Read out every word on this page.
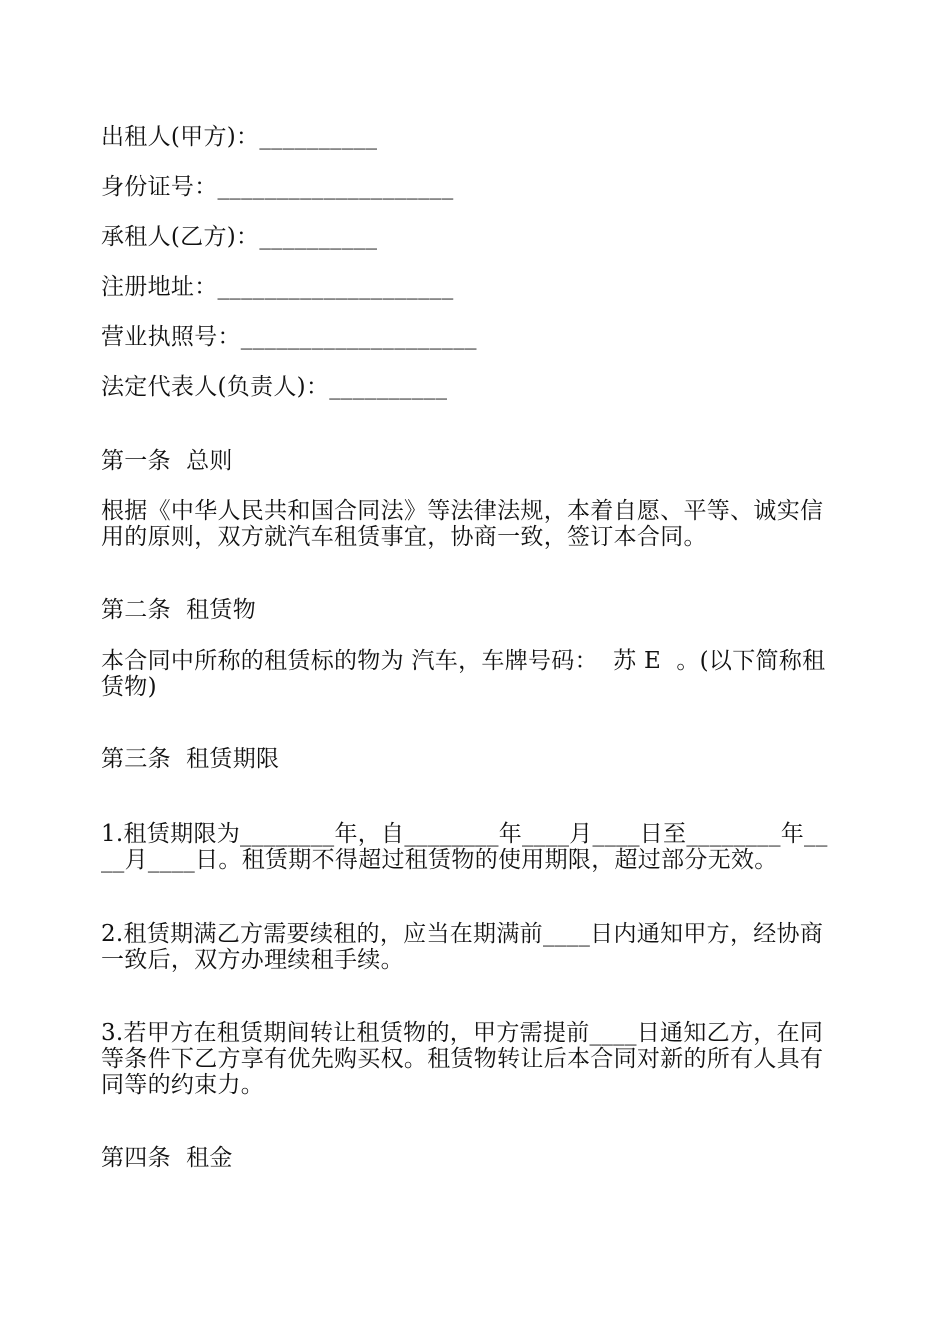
出租人(甲方)：__________
身份证号：____________________
承租人(乙方)：__________
注册地址：____________________
营业执照号：____________________
法定代表人(负责人)：__________
第一条  总则
根据《中华人民共和国合同法》等法律法规，本着自愿、平等、诚实信
用的原则，双方就汽车租赁事宜，协商一致，签订本合同。
第二条  租赁物
本合同中所称的租赁标的物为 汽车，车牌号码：  苏 E  。(以下简称租
赁物)
第三条  租赁期限
1.租赁期限为________年，自________年____月____日至________年__
__月____日。租赁期不得超过租赁物的使用期限，超过部分无效。
2.租赁期满乙方需要续租的，应当在期满前____日内通知甲方，经协商
一致后，双方办理续租手续。
3.若甲方在租赁期间转让租赁物的，甲方需提前____日通知乙方，在同
等条件下乙方享有优先购买权。租赁物转让后本合同对新的所有人具有
同等的约束力。
第四条  租金
